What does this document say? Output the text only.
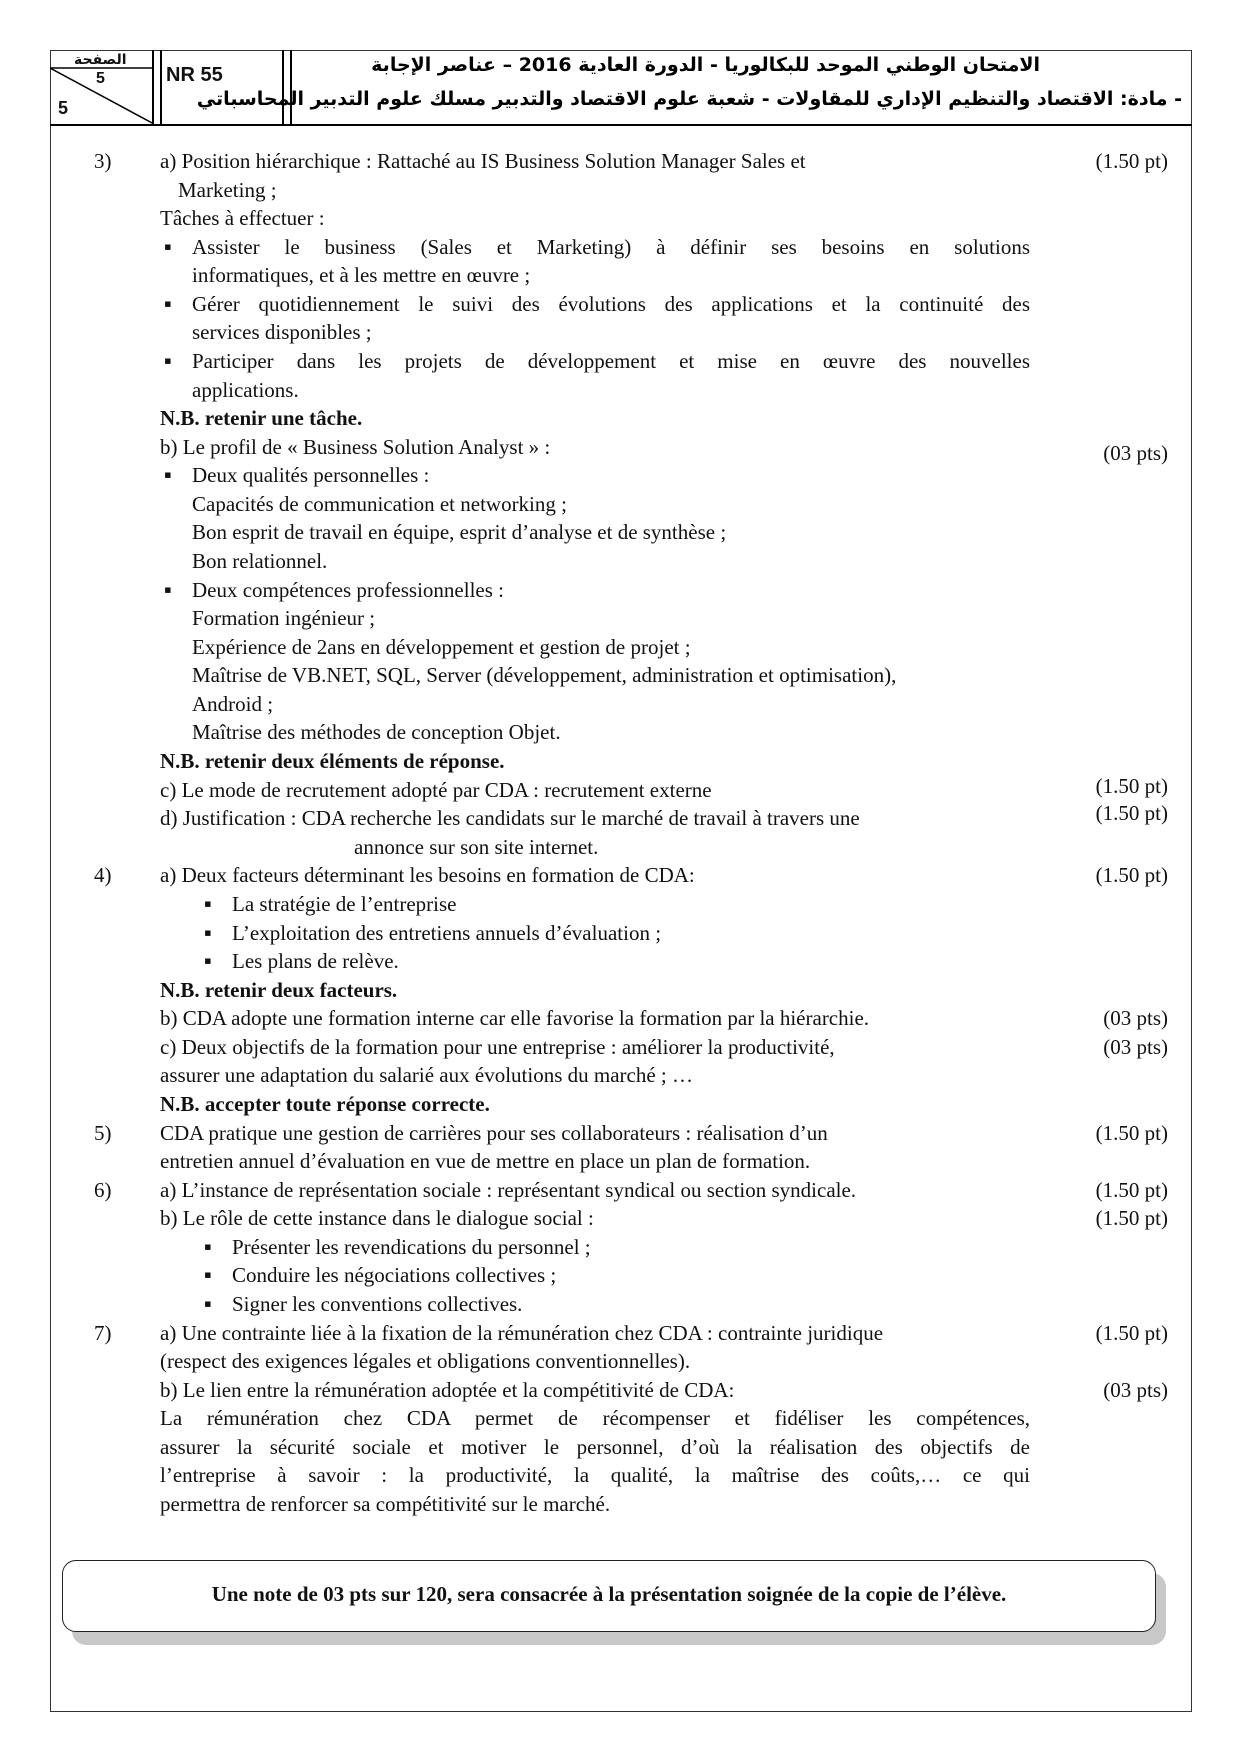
الصفحة
5
5
NR 55	الامتحان الوطني الموحد للبكالوريا - الدورة العادية 2016 – عناصر الإجابة
- مادة: الاقتصاد والتنظيم الإداري للمقاولات - شعبة علوم الاقتصاد والتدبير مسلك علوم التدبير المحاسباتي
3) a) Position hiérarchique : Rattaché au IS Business Solution Manager Sales et	(1.50 pt)
Marketing ;
Tâches à effectuer :
▪ Assister le business (Sales et Marketing) à définir ses besoins en solutions
informatiques, et à les mettre en œuvre ;
▪ Gérer quotidiennement le suivi des évolutions des applications et la continuité des
services disponibles ;
▪ Participer dans les projets de développement et mise en œuvre des nouvelles
applications.
N.B. retenir une tâche.
b) Le profil de « Business Solution Analyst » :	(03 pts)
▪ Deux qualités personnelles :
Capacités de communication et networking ;
Bon esprit de travail en équipe, esprit d’analyse et de synthèse ;
Bon relationnel.
▪ Deux compétences professionnelles :
Formation ingénieur ;
Expérience de 2ans en développement et gestion de projet ;
Maîtrise de VB.NET, SQL, Server (développement, administration et optimisation),
Android ;
Maîtrise des méthodes de conception Objet.
N.B. retenir deux éléments de réponse.
c) Le mode de recrutement adopté par CDA : recrutement externe	(1.50 pt)
d) Justification : CDA recherche les candidats sur le marché de travail à travers une	(1.50 pt)
annonce sur son site internet.
4) a) Deux facteurs déterminant les besoins en formation de CDA:	(1.50 pt)
▪ La stratégie de l’entreprise
▪ L’exploitation des entretiens annuels d’évaluation ;
▪ Les plans de relève.
N.B. retenir deux facteurs.
b) CDA adopte une formation interne car elle favorise la formation par la hiérarchie.	(03 pts)
c) Deux objectifs de la formation pour une entreprise : améliorer la productivité,	(03 pts)
assurer une adaptation du salarié aux évolutions du marché ; …
N.B. accepter toute réponse correcte.
5) CDA pratique une gestion de carrières pour ses collaborateurs : réalisation d’un	(1.50 pt)
entretien annuel d’évaluation en vue de mettre en place un plan de formation.
6) a) L’instance de représentation sociale : représentant syndical ou section syndicale.	(1.50 pt)
b) Le rôle de cette instance dans le dialogue social :	(1.50 pt)
▪ Présenter les revendications du personnel ;
▪ Conduire les négociations collectives ;
▪ Signer les conventions collectives.
7) a) Une contrainte liée à la fixation de la rémunération chez CDA : contrainte juridique	(1.50 pt)
(respect des exigences légales et obligations conventionnelles).
b) Le lien entre la rémunération adoptée et la compétitivité de CDA:	(03 pts)
La rémunération chez CDA permet de récompenser et fidéliser les compétences,
assurer la sécurité sociale et motiver le personnel, d’où la réalisation des objectifs de
l’entreprise à savoir : la productivité, la qualité, la maîtrise des coûts,… ce qui
permettra de renforcer sa compétitivité sur le marché.
Une note de 03 pts sur 120, sera consacrée à la présentation soignée de la copie de l’élève.
